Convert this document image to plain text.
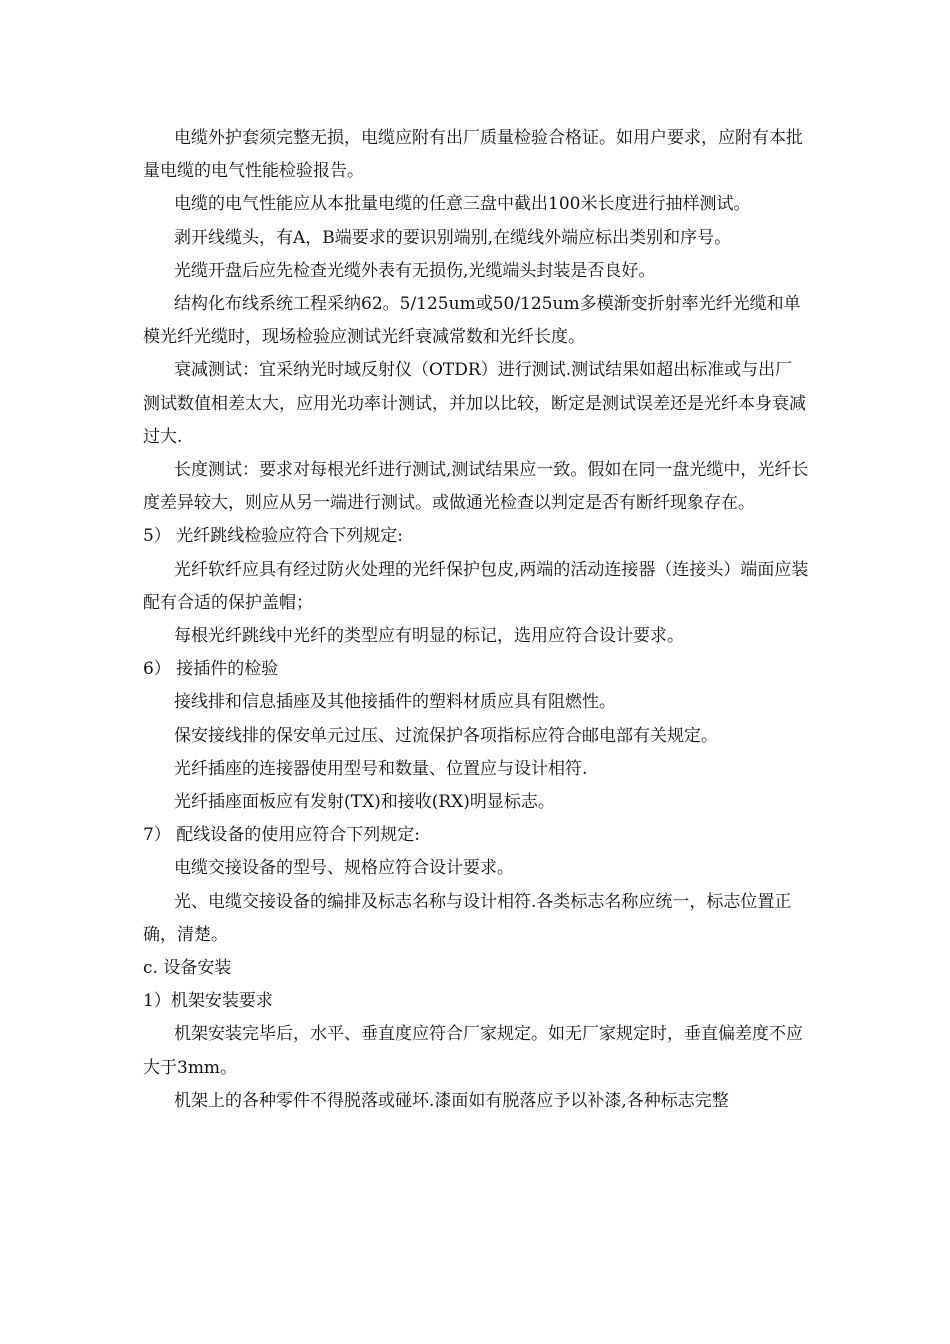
电缆外护套须完整无损，电缆应附有出厂质量检验合格证。如用户要求，应附有本批量电缆的电气性能检验报告。

电缆的电气性能应从本批量电缆的任意三盘中截出100米长度进行抽样测试。

剥开线缆头，有A，B端要求的要识别端别,在缆线外端应标出类别和序号。

光缆开盘后应先检查光缆外表有无损伤,光缆端头封装是否良好。

结构化布线系统工程采纳62。5/125um或50/125um多模渐变折射率光纤光缆和单模光纤光缆时，现场检验应测试光纤衰减常数和光纤长度。

衰减测试：宜采纳光时域反射仪（OTDR）进行测试.测试结果如超出标准或与出厂测试数值相差太大，应用光功率计测试，并加以比较，断定是测试误差还是光纤本身衰减过大.

长度测试：要求对每根光纤进行测试,测试结果应一致。假如在同一盘光缆中，光纤长度差异较大，则应从另一端进行测试。或做通光检查以判定是否有断纤现象存在。

5） 光纤跳线检验应符合下列规定:

光纤软纤应具有经过防火处理的光纤保护包皮,两端的活动连接器（连接头）端面应装配有合适的保护盖帽；

每根光纤跳线中光纤的类型应有明显的标记，选用应符合设计要求。

6） 接插件的检验

接线排和信息插座及其他接插件的塑料材质应具有阻燃性。

保安接线排的保安单元过压、过流保护各项指标应符合邮电部有关规定。

光纤插座的连接器使用型号和数量、位置应与设计相符.

光纤插座面板应有发射(TX)和接收(RX)明显标志。

7） 配线设备的使用应符合下列规定:

电缆交接设备的型号、规格应符合设计要求。

光、电缆交接设备的编排及标志名称与设计相符.各类标志名称应统一，标志位置正确，清楚。

c. 设备安装

1）机架安装要求

机架安装完毕后，水平、垂直度应符合厂家规定。如无厂家规定时，垂直偏差度不应大于3mm。

机架上的各种零件不得脱落或碰坏.漆面如有脱落应予以补漆,各种标志完整
